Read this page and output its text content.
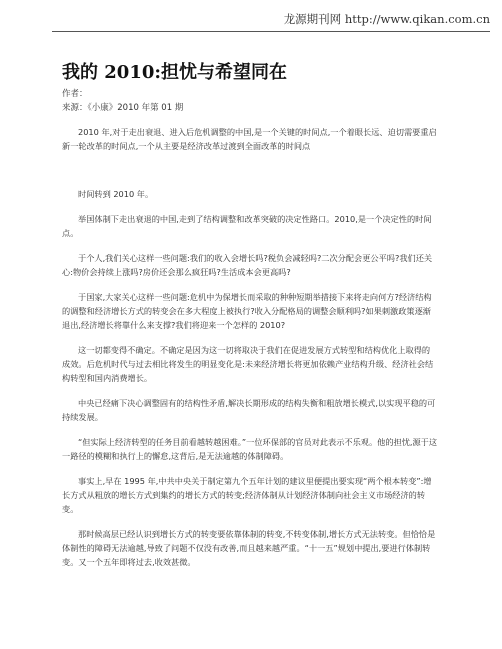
龙源期刊网 http://www.qikan.com.cn
我的 2010:担忧与希望同在
作者：
来源：《小康》2010 年第 01 期

2010 年,对于走出衰退、进入后危机调整的中国,是一个关键的时间点,一个着眼长远、迫切需要重启新一轮改革的时间点,一个从主要是经济改革过渡到全面改革的时间点

时间转到 2010 年。

举国体制下走出衰退的中国,走到了结构调整和改革突破的决定性路口。2010,是一个决定性的时间点。

于个人,我们关心这样一些问题:我们的收入会增长吗?税负会减轻吗?二次分配会更公平吗?我们还关心:物价会持续上涨吗?房价还会那么疯狂吗?生活成本会更高吗?

于国家,大家关心这样一些问题:危机中为保增长而采取的种种短期举措接下来将走向何方?经济结构的调整和经济增长方式的转变会在多大程度上被执行?收入分配格局的调整会顺利吗?如果刺激政策逐渐退出,经济增长将靠什么来支撑?我们将迎来一个怎样的 2010?

这一切都变得不确定。不确定是因为这一切将取决于我们在促进发展方式转型和结构优化上取得的成效。后危机时代与过去相比将发生的明显变化是:未来经济增长将更加依赖产业结构升级、经济社会结构转型和国内消费增长。

中央已经痛下决心调整固有的结构性矛盾,解决长期形成的结构失衡和粗放增长模式,以实现平稳的可持续发展。

“但实际上经济转型的任务目前看越转越困难。”一位环保部的官员对此表示不乐观。他的担忧,源于这一路径的模糊和执行上的懈怠,这背后,是无法逾越的体制障碍。

事实上,早在 1995 年,中共中央关于制定第九个五年计划的建议里便提出要实现“两个根本转变”:增长方式从粗放的增长方式到集约的增长方式的转变;经济体制从计划经济体制向社会主义市场经济的转变。

那时候高层已经认识到增长方式的转变要依靠体制的转变,不转变体制,增长方式无法转变。但恰恰是体制性的障碍无法逾越,导致了问题不仅没有改善,而且越来越严重。“十一五”规划中提出,要进行体制转变。又一个五年即将过去,收效甚微。
